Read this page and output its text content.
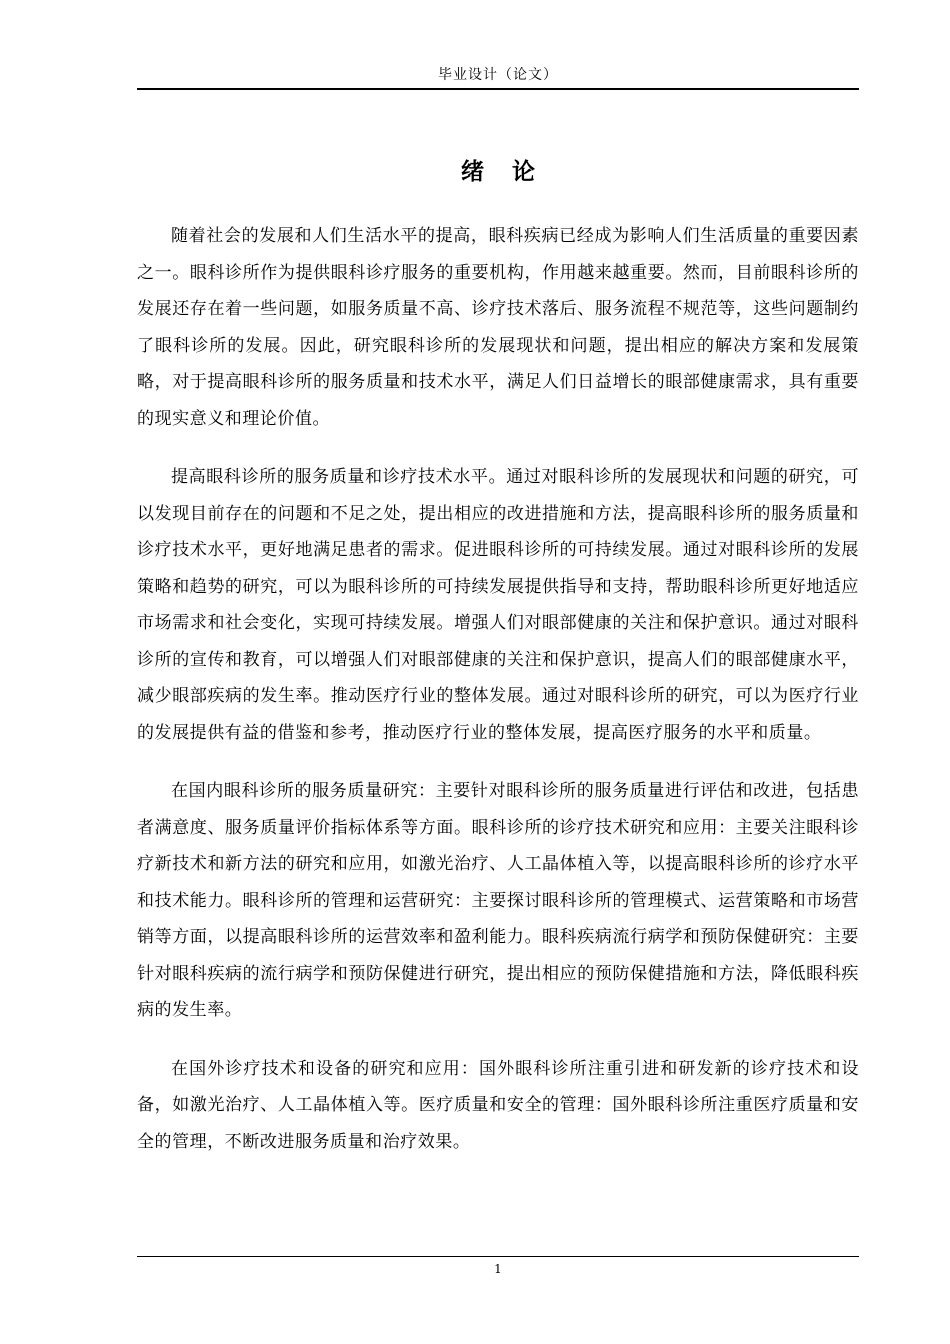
毕业设计（论文）
绪 论

随着社会的发展和人们生活水平的提高，眼科疾病已经成为影响人们生活质量的重要因素之一。眼科诊所作为提供眼科诊疗服务的重要机构，作用越来越重要。然而，目前眼科诊所的发展还存在着一些问题，如服务质量不高、诊疗技术落后、服务流程不规范等，这些问题制约了眼科诊所的发展。因此，研究眼科诊所的发展现状和问题，提出相应的解决方案和发展策略，对于提高眼科诊所的服务质量和技术水平，满足人们日益增长的眼部健康需求，具有重要的现实意义和理论价值。

提高眼科诊所的服务质量和诊疗技术水平。通过对眼科诊所的发展现状和问题的研究，可以发现目前存在的问题和不足之处，提出相应的改进措施和方法，提高眼科诊所的服务质量和诊疗技术水平，更好地满足患者的需求。促进眼科诊所的可持续发展。通过对眼科诊所的发展策略和趋势的研究，可以为眼科诊所的可持续发展提供指导和支持，帮助眼科诊所更好地适应市场需求和社会变化，实现可持续发展。增强人们对眼部健康的关注和保护意识。通过对眼科诊所的宣传和教育，可以增强人们对眼部健康的关注和保护意识，提高人们的眼部健康水平，减少眼部疾病的发生率。推动医疗行业的整体发展。通过对眼科诊所的研究，可以为医疗行业的发展提供有益的借鉴和参考，推动医疗行业的整体发展，提高医疗服务的水平和质量。

在国内眼科诊所的服务质量研究：主要针对眼科诊所的服务质量进行评估和改进，包括患者满意度、服务质量评价指标体系等方面。眼科诊所的诊疗技术研究和应用：主要关注眼科诊疗新技术和新方法的研究和应用，如激光治疗、人工晶体植入等，以提高眼科诊所的诊疗水平和技术能力。眼科诊所的管理和运营研究：主要探讨眼科诊所的管理模式、运营策略和市场营销等方面，以提高眼科诊所的运营效率和盈利能力。眼科疾病流行病学和预防保健研究：主要针对眼科疾病的流行病学和预防保健进行研究，提出相应的预防保健措施和方法，降低眼科疾病的发生率。

在国外诊疗技术和设备的研究和应用：国外眼科诊所注重引进和研发新的诊疗技术和设备，如激光治疗、人工晶体植入等。医疗质量和安全的管理：国外眼科诊所注重医疗质量和安全的管理，不断改进服务质量和治疗效果。

1
